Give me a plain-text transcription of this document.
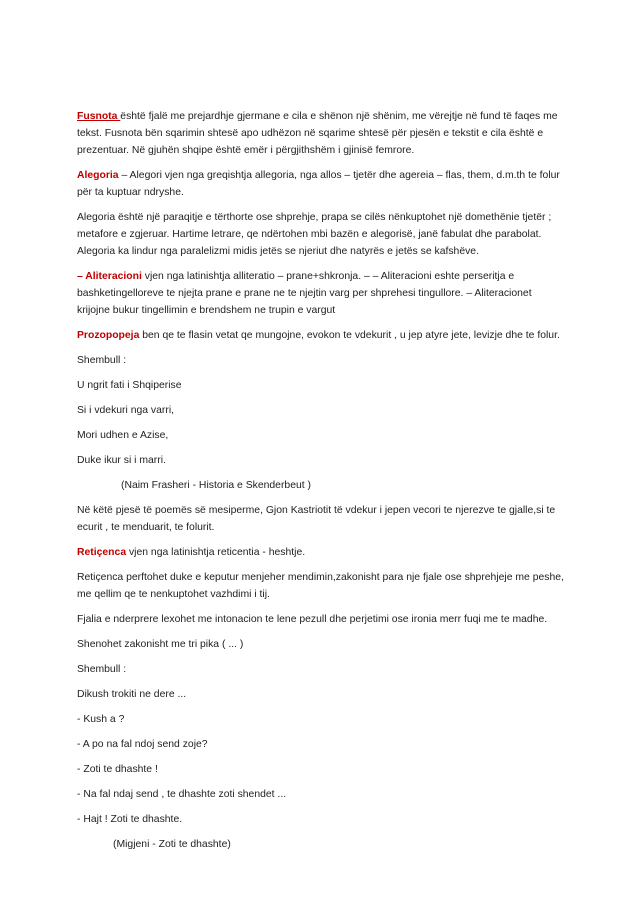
Fusnota është fjalë me prejardhje gjermane e cila e shënon një shënim, me vërejtje në fund të faqes me tekst. Fusnota bën sqarimin shtesë apo udhëzon në sqarime shtesë për pjesën e tekstit e cila është e prezentuar. Në gjuhën shqipe është emër i përgjithshëm i gjinisë femrore.

Alegoria – Alegori vjen nga greqishtja allegoria, nga allos – tjetër dhe agereia – flas, them, d.m.th te folur për ta kuptuar ndryshe.

Alegoria është një paraqitje e tërthorte ose shprehje, prapa se cilës nënkuptohet një domethënie tjetër ; metafore e zgjeruar. Hartime letrare, qe ndërtohen mbi bazën e alegorisë, janë fabulat dhe parabolat. Alegoria ka lindur nga paralelizmi midis jetës se njeriut dhe natyrës e jetës se kafshëve.

– Aliteracioni vjen nga latinishtja alliteratio – prane+shkronja. – – Aliteracioni eshte perseritja e bashketingelloreve te njejta prane e prane ne te njejtin varg per shprehesi tingullore. – Aliteracionet krijojne bukur tingellimin e brendshem ne trupin e vargut

Prozopopeja ben qe te flasin vetat qe mungojne, evokon te vdekurit , u jep atyre jete, levizje dhe te folur.

Shembull :

U ngrit fati i Shqiperise

Si i vdekuri nga varri,

Mori udhen e Azise,

Duke ikur si i marri.

(Naim Frasheri - Historia e Skenderbeut )

Në këtë pjesë të poemës së mesiperme, Gjon Kastriotit të vdekur i jepen vecori te njerezve te gjalle,si te ecurit , te menduarit, te folurit.

Retiçenca vjen nga latinishtja reticentia - heshtje.

Retiçenca perftohet duke e keputur menjeher mendimin,zakonisht para nje fjale ose shprehjeje me peshe, me qellim qe te nenkuptohet vazhdimi i tij.

Fjalia e nderprere lexohet me intonacion te lene pezull dhe perjetimi ose ironia merr fuqi me te madhe.

Shenohet zakonisht me tri pika ( ... )

Shembull :

Dikush trokiti ne dere ...

- Kush a ?

- A po na fal ndoj send zoje?

- Zoti te dhashte !

- Na fal ndaj send , te dhashte zoti shendet ...

- Hajt ! Zoti te dhashte.

(Migjeni - Zoti te dhashte)
